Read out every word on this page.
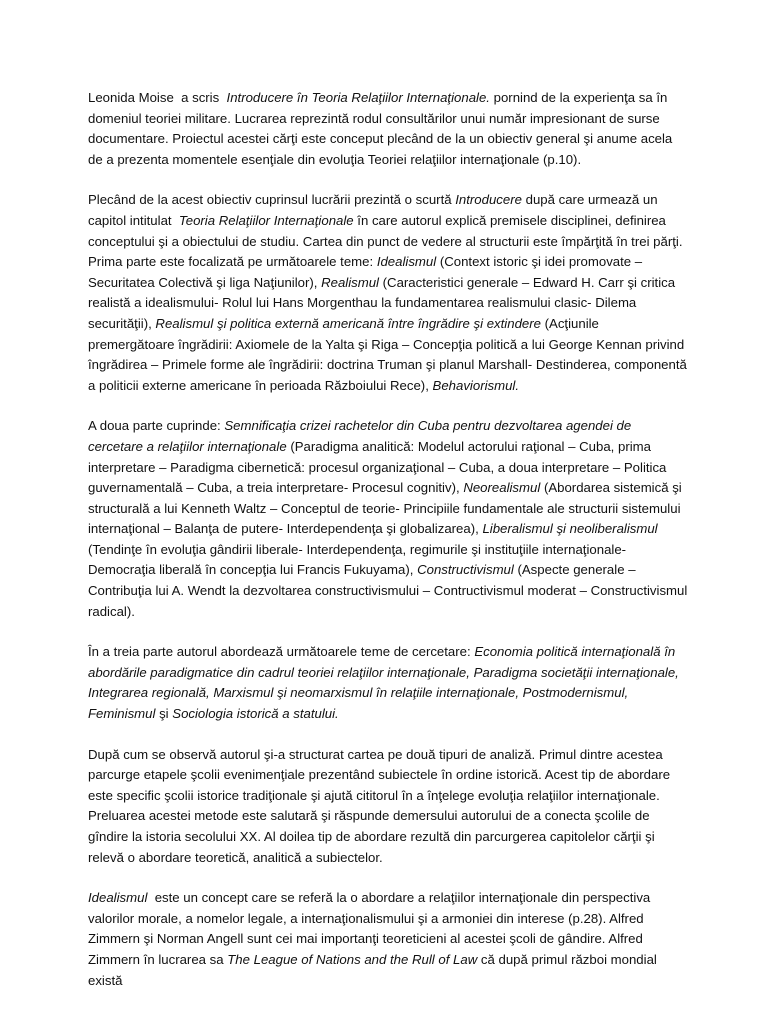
Leonida Moise  a scris  Introducere în Teoria Relaţiilor Internaţionale. pornind de la experienţa sa în domeniul teoriei militare. Lucrarea reprezintă rodul consultărilor unui număr impresionant de surse documentare. Proiectul acestei cărţi este conceput plecând de la un obiectiv general şi anume acela de a prezenta momentele esenţiale din evoluţia Teoriei relaţiilor internaţionale (p.10).

Plecând de la acest obiectiv cuprinsul lucrării prezintă o scurtă Introducere după care urmează un capitol intitulat  Teoria Relaţiilor Internaţionale în care autorul explică premisele disciplinei, definirea conceptului şi a obiectului de studiu. Cartea din punct de vedere al structurii este împărţită în trei părţi. Prima parte este focalizată pe următoarele teme: Idealismul (Context istoric şi idei promovate – Securitatea Colectivă şi liga Naţiunilor), Realismul (Caracteristici generale – Edward H. Carr şi critica realistă a idealismului- Rolul lui Hans Morgenthau la fundamentarea realismului clasic- Dilema securităţii), Realismul şi politica externă americană între îngrădire şi extindere (Acţiunile premergătoare îngrădirii: Axiomele de la Yalta şi Riga – Concepţia politică a lui George Kennan privind îngrădirea – Primele forme ale îngrădirii: doctrina Truman şi planul Marshall- Destinderea, componentă a politicii externe americane în perioada Războiului Rece), Behaviorismul.

A doua parte cuprinde: Semnificaţia crizei rachetelor din Cuba pentru dezvoltarea agendei de cercetare a relaţiilor internaţionale (Paradigma analitică: Modelul actorului raţional – Cuba, prima interpretare – Paradigma cibernetică: procesul organizaţional – Cuba, a doua interpretare – Politica guvernamentală – Cuba, a treia interpretare- Procesul cognitiv), Neorealismul (Abordarea sistemică şi structurală a lui Kenneth Waltz – Conceptul de teorie- Principiile fundamentale ale structurii sistemului internaţional – Balanţa de putere- Interdependenţa şi globalizarea), Liberalismul şi neoliberalismul (Tendinţe în evoluţia gândirii liberale- Interdependenţa, regimurile şi instituţiile internaţionale- Democraţia liberală în concepţia lui Francis Fukuyama), Constructivismul (Aspecte generale – Contribuţia lui A. Wendt la dezvoltarea constructivismului – Contructivismul moderat – Constructivismul radical).

În a treia parte autorul abordează următoarele teme de cercetare: Economia politică internaţională în abordările paradigmatice din cadrul teoriei relaţiilor internaţionale, Paradigma societăţii internaţionale, Integrarea regională, Marxismul şi neomarxismul în relaţiile internaţionale, Postmodernismul, Feminismul şi Sociologia istorică a statului.

După cum se observă autorul şi-a structurat cartea pe două tipuri de analiză. Primul dintre acestea parcurge etapele şcolii evenimenţiale prezentând subiectele în ordine istorică. Acest tip de abordare este specific şcolii istorice tradiţionale şi ajută cititorul în a înţelege evoluţia relaţiilor internaţionale. Preluarea acestei metode este salutară şi răspunde demersului autorului de a conecta şcolile de gîndire la istoria secolului XX. Al doilea tip de abordare rezultă din parcurgerea capitolelor cărţii şi relevă o abordare teoretică, analitică a subiectelor.

Idealismul  este un concept care se referă la o abordare a relaţiilor internaţionale din perspectiva valorilor morale, a nomelor legale, a internaţionalismului şi a armoniei din interese (p.28). Alfred Zimmern şi Norman Angell sunt cei mai importanţi teoreticieni al acestei şcoli de gândire. Alfred Zimmern în lucrarea sa The League of Nations and the Rull of Law că după primul război mondial există
